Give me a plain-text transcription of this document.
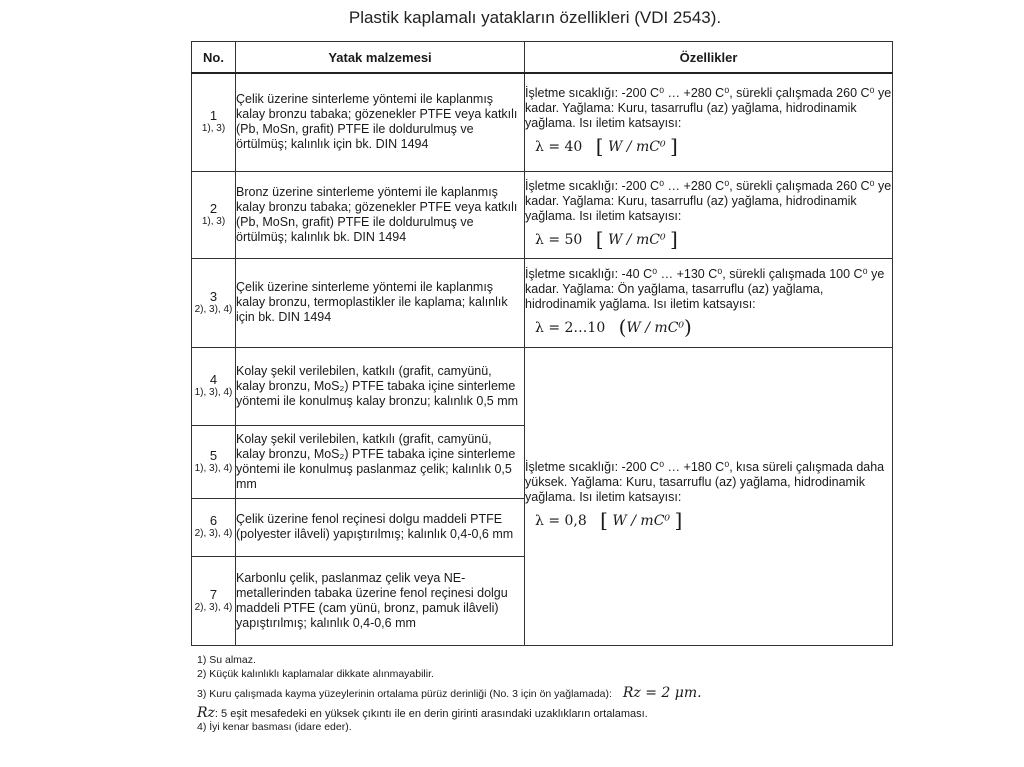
Plastik kaplamalı yatakların özellikleri (VDI 2543).
No.	Yatak malzemesi	Özellikler

1
1), 3)	Çelik üzerine sinterleme yöntemi ile kaplanmış kalay bronzu tabaka; gözenekler PTFE veya katkılı (Pb, MoSn, grafit) PTFE ile doldurulmuş ve örtülmüş; kalınlık için bk. DIN 1494	İşletme sıcaklığı: -200 C⁰ … +280 C⁰, sürekli çalışmada 260 C⁰ ye kadar. Yağlama: Kuru, tasarruflu (az) yağlama, hidrodinamik yağlama. Isı iletim katsayısı:
λ = 40 [ W / mC⁰ ]

2
1), 3)	Bronz üzerine sinterleme yöntemi ile kaplanmış kalay bronzu tabaka; gözenekler PTFE veya katkılı (Pb, MoSn, grafit) PTFE ile doldurulmuş ve örtülmüş; kalınlık bk. DIN 1494	İşletme sıcaklığı: -200 C⁰ … +280 C⁰, sürekli çalışmada 260 C⁰ ye kadar. Yağlama: Kuru, tasarruflu (az) yağlama, hidrodinamik yağlama. Isı iletim katsayısı:
λ = 50 [ W / mC⁰ ]

3
2), 3), 4)	Çelik üzerine sinterleme yöntemi ile kaplanmış kalay bronzu, termoplastikler ile kaplama; kalınlık için bk. DIN 1494	İşletme sıcaklığı: -40 C⁰ … +130 C⁰, sürekli çalışmada 100 C⁰ ye kadar. Yağlama: Ön yağlama, tasarruflu (az) yağlama, hidrodinamik yağlama. Isı iletim katsayısı:
λ = 2…10 (W / mC⁰)

4
1), 3), 4)	Kolay şekil verilebilen, katkılı (grafit, camyünü, kalay bronzu, MoS₂) PTFE tabaka içine sinterleme yöntemi ile konulmuş kalay bronzu; kalınlık 0,5 mm	İşletme sıcaklığı: -200 C⁰ … +180 C⁰, kısa süreli çalışmada daha yüksek. Yağlama: Kuru, tasarruflu (az) yağlama, hidrodinamik yağlama. Isı iletim katsayısı:
λ = 0,8 [ W / mC⁰ ]

5
1), 3), 4)	Kolay şekil verilebilen, katkılı (grafit, camyünü, kalay bronzu, MoS₂) PTFE tabaka içine sinterleme yöntemi ile konulmuş paslanmaz çelik; kalınlık 0,5 mm	

6
2), 3), 4)	Çelik üzerine fenol reçinesi dolgu maddeli PTFE (polyester ilâveli) yapıştırılmış; kalınlık 0,4-0,6 mm	

7
2), 3), 4)	Karbonlu çelik, paslanmaz çelik veya NE-metallerinden tabaka üzerine fenol reçinesi dolgu maddeli PTFE (cam yünü, bronz, pamuk ilâveli) yapıştırılmış; kalınlık 0,4-0,6 mm	
1) Su almaz.
2) Küçük kalınlıklı kaplamalar dikkate alınmayabilir.
3) Kuru çalışmada kayma yüzeylerinin ortalama pürüz derinliği (No. 3 için ön yağlamada): Rz = 2 μm.
Rz: 5 eşit mesafedeki en yüksek çıkıntı ile en derin girinti arasındaki uzaklıkların ortalaması.
4) İyi kenar basması (idare eder).
